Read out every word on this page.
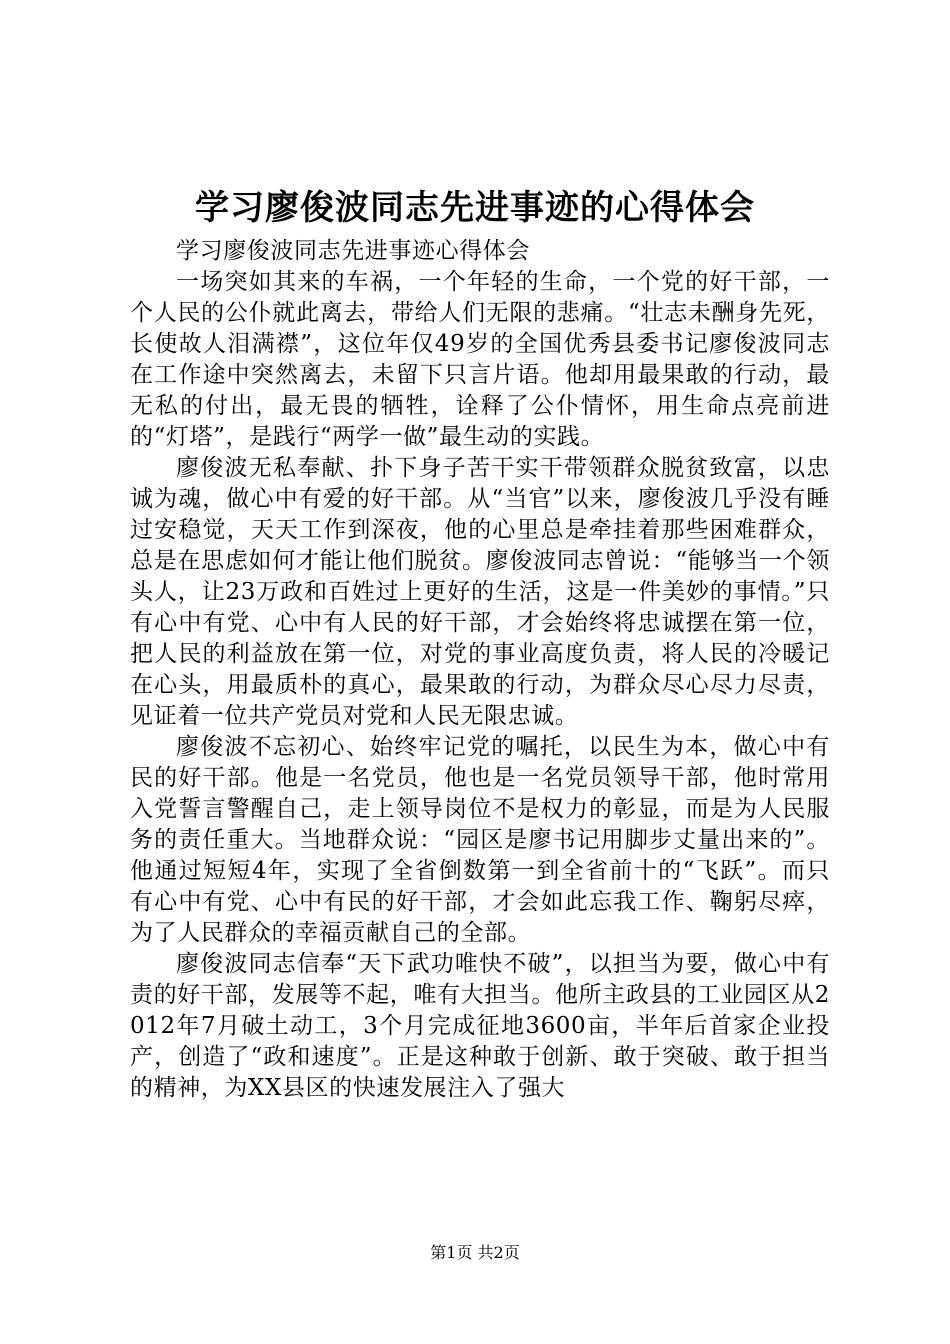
学习廖俊波同志先进事迹的心得体会

学习廖俊波同志先进事迹心得体会

一场突如其来的车祸，一个年轻的生命，一个党的好干部，一个人民的公仆就此离去，带给人们无限的悲痛。“壮志未酬身先死，长使故人泪满襟”，这位年仅49岁的全国优秀县委书记廖俊波同志在工作途中突然离去，未留下只言片语。他却用最果敢的行动，最无私的付出，最无畏的牺牲，诠释了公仆情怀，用生命点亮前进的“灯塔”，是践行“两学一做”最生动的实践。

廖俊波无私奉献、扑下身子苦干实干带领群众脱贫致富，以忠诚为魂，做心中有爱的好干部。从“当官”以来，廖俊波几乎没有睡过安稳觉，天天工作到深夜，他的心里总是牵挂着那些困难群众，总是在思虑如何才能让他们脱贫。廖俊波同志曾说：“能够当一个领头人，让23万政和百姓过上更好的生活，这是一件美妙的事情。”只有心中有党、心中有人民的好干部，才会始终将忠诚摆在第一位，把人民的利益放在第一位，对党的事业高度负责，将人民的冷暖记在心头，用最质朴的真心，最果敢的行动，为群众尽心尽力尽责，见证着一位共产党员对党和人民无限忠诚。

廖俊波不忘初心、始终牢记党的嘱托，以民生为本，做心中有民的好干部。他是一名党员，他也是一名党员领导干部，他时常用入党誓言警醒自己，走上领导岗位不是权力的彰显，而是为人民服务的责任重大。当地群众说：“园区是廖书记用脚步丈量出来的”。他通过短短4年，实现了全省倒数第一到全省前十的“飞跃”。而只有心中有党、心中有民的好干部，才会如此忘我工作、鞠躬尽瘁，为了人民群众的幸福贡献自己的全部。

廖俊波同志信奉“天下武功唯快不破”，以担当为要，做心中有责的好干部，发展等不起，唯有大担当。他所主政县的工业园区从2012年7月破土动工，3个月完成征地3600亩，半年后首家企业投产，创造了“政和速度”。正是这种敢于创新、敢于突破、敢于担当的精神，为XX县区的快速发展注入了强大

第1页 共2页
